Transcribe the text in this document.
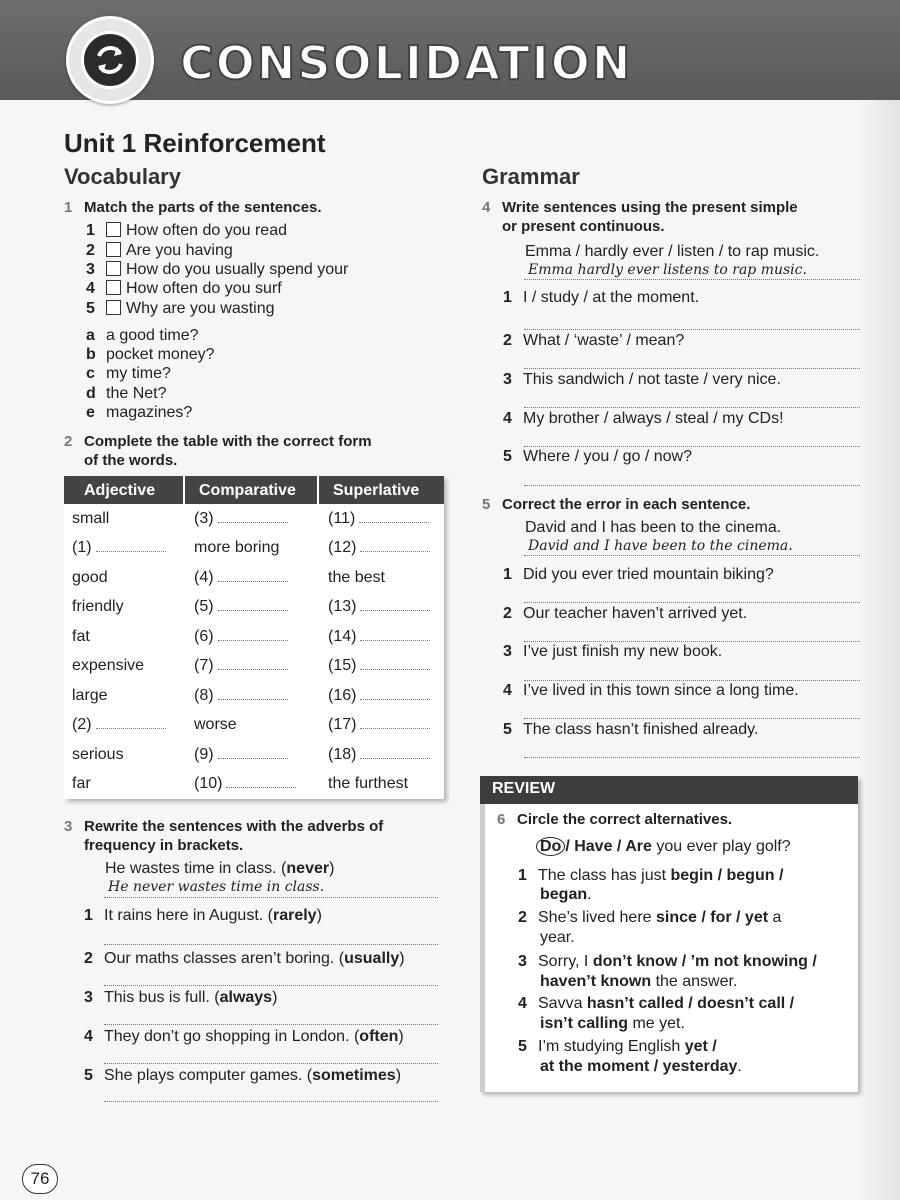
CONSOLIDATION
Unit 1 Reinforcement
Vocabulary
1 Match the parts of the sentences.
1 How often do you read
2 Are you having
3 How do you usually spend your
4 How often do you surf
5 Why are you wasting
a a good time?
b pocket money?
c my time?
d the Net?
e magazines?
2 Complete the table with the correct form
of the words.
Adjective	Comparative	Superlative
small	(3)	(11)
(1)	more boring	(12)
good	(4)	the best
friendly	(5)	(13)
fat	(6)	(14)
expensive	(7)	(15)
large	(8)	(16)
(2)	worse	(17)
serious	(9)	(18)
far	(10)	the furthest
3 Rewrite the sentences with the adverbs of
frequency in brackets.
He wastes time in class. (never)
He never wastes time in class.
1 It rains here in August. (rarely)
2 Our maths classes aren’t boring. (usually)
3 This bus is full. (always)
4 They don’t go shopping in London. (often)
5 She plays computer games. (sometimes)
Grammar
4 Write sentences using the present simple
or present continuous.
Emma / hardly ever / listen / to rap music.
Emma hardly ever listens to rap music.
1 I / study / at the moment.
2 What / ‘waste’ / mean?
3 This sandwich / not taste / very nice.
4 My brother / always / steal / my CDs!
5 Where / you / go / now?
5 Correct the error in each sentence.
David and I has been to the cinema.
David and I have been to the cinema.
1 Did you ever tried mountain biking?
2 Our teacher haven’t arrived yet.
3 I’ve just finish my new book.
4 I’ve lived in this town since a long time.
5 The class hasn’t finished already.
REVIEW
6 Circle the correct alternatives.
Do / Have / Are you ever play golf?
1 The class has just begin / begun /
began.
2 She’s lived here since / for / yet a
year.
3 Sorry, I don’t know / ’m not knowing /
haven’t known the answer.
4 Savva hasn’t called / doesn’t call /
isn’t calling me yet.
5 I’m studying English yet /
at the moment / yesterday.
76
